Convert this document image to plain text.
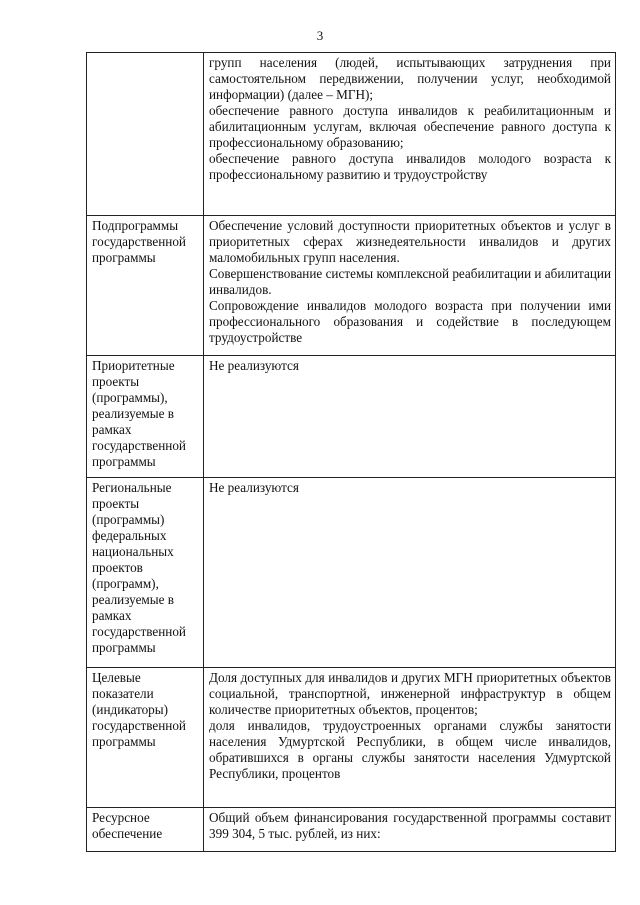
3

	групп населения (людей, испытывающих затруднения при самостоятельном передвижении, получении услуг, необходимой информации) (далее – МГН);
обеспечение равного доступа инвалидов к реабилитационным и абилитационным услугам, включая обеспечение равного доступа к профессиональному образованию;
обеспечение равного доступа инвалидов молодого возраста к профессиональному развитию и трудоустройству

Подпрограммы государственной программы	Обеспечение условий доступности приоритетных объектов и услуг в приоритетных сферах жизнедеятельности инвалидов и других маломобильных групп населения.
Совершенствование системы комплексной реабилитации и абилитации инвалидов.
Сопровождение инвалидов молодого возраста при получении ими профессионального образования и содействие в последующем трудоустройстве

Приоритетные проекты (программы), реализуемые в рамках государственной программы	Не реализуются

Региональные проекты (программы) федеральных национальных проектов (программ), реализуемые в рамках государственной программы	Не реализуются

Целевые показатели (индикаторы) государственной программы	Доля доступных для инвалидов и других МГН приоритетных объектов социальной, транспортной, инженерной инфраструктур в общем количестве приоритетных объектов, процентов;
доля инвалидов, трудоустроенных органами службы занятости населения Удмуртской Республики, в общем числе инвалидов, обратившихся в органы службы занятости населения Удмуртской Республики, процентов

Ресурсное обеспечение	Общий объем финансирования государственной программы составит 399 304, 5 тыс. рублей, из них:
